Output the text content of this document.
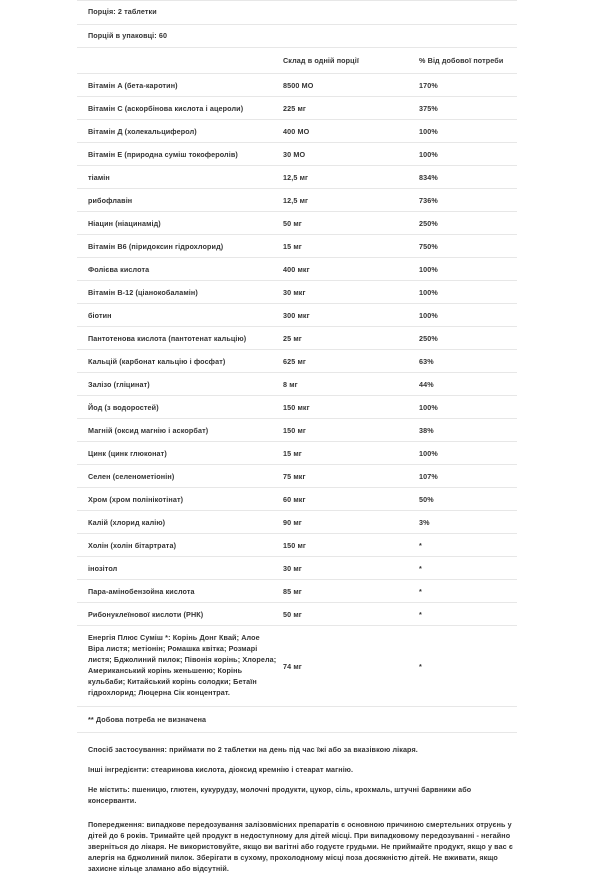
Порція: 2 таблетки
Порцій в упаковці: 60
	Склад в одній порції	% Від добової потреби
Вітамін A (бета-каротин)	8500 МО	170%
Вітамін C (аскорбінова кислота і ацероли)	225 мг	375%
Вітамін Д (холекальциферол)	400 МО	100%
Вітамін Е (природна суміш токоферолів)	30 МО	100%
тіамін	12,5 мг	834%
рибофлавін	12,5 мг	736%
Ніацин (ніацинамід)	50 мг	250%
Вітамін B6 (піридоксин гідрохлорид)	15 мг	750%
Фолієва кислота	400 мкг	100%
Вітамін B-12 (ціанокобаламін)	30 мкг	100%
біотин	300 мкг	100%
Пантотенова кислота (пантотенат кальцію)	25 мг	250%
Кальцій (карбонат кальцію і фосфат)	625 мг	63%
Залізо (гліцинат)	8 мг	44%
Йод (з водоростей)	150 мкг	100%
Магній (оксид магнію і аскорбат)	150 мг	38%
Цинк (цинк глюконат)	15 мг	100%
Селен (селенометіонін)	75 мкг	107%
Хром (хром полінікотінат)	60 мкг	50%
Калій (хлорид калію)	90 мг	3%
Холін (холін бітартрата)	150 мг	*
інозітол	30 мг	*
Пара-амінобензойна кислота	85 мг	*
Рибонуклеїнової кислоти (РНК)	50 мг	*
Енергія Плюс Суміш *: Корінь Донг Квай; Алое Віра листя; метіонін; Ромашка квітка; Розмарі листя; Бджолиний пилок; Півонія корінь; Хлорела; Американський корінь женьшеню; Корінь кульбаби; Китайський корінь солодки; Бетаїн гідрохлорид; Люцерна Сік концентрат.	74 мг	*
** Добова потреба не визначена

Спосіб застосування: приймати по 2 таблетки на день під час їжі або за вказівкою лікаря.

Інші інгредієнти: стеаринова кислота, діоксид кремнію і стеарат магнію.

Не містить: пшеницю, глютен, кукурудзу, молочні продукти, цукор, сіль, крохмаль, штучні барвники або консерванти.

Попередження: випадкове передозування залізовмісних препаратів є основною причиною смертельних отруєнь у дітей до 6 років. Тримайте цей продукт в недоступному для дітей місці. При випадковому передозуванні - негайно зверніться до лікаря. Не використовуйте, якщо ви вагітні або годуєте грудьми. Не приймайте продукт, якщо у вас є алергія на бджолиний пилок. Зберігати в сухому, прохолодному місці поза досяжністю дітей. Не вживати, якщо захисне кільце зламано або відсутній.
